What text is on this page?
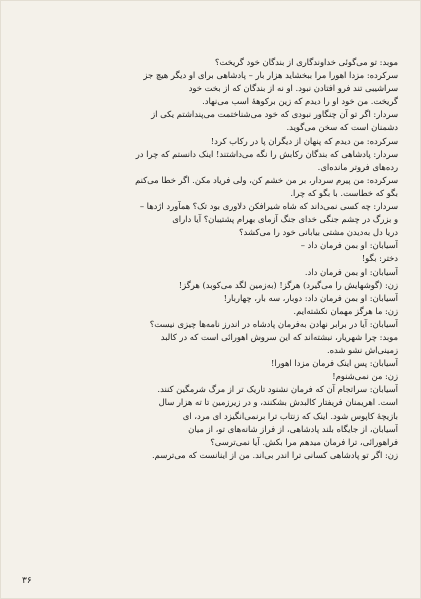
موبد: تو می‌گوئی خداوندگاری از بندگان خود گریخت؟
سرکرده: مزدا اهورا مرا ببخشاید هزار بار – پادشاهی برای او دیگر هیچ جز
سراشیبی تند فرو افتادن نبود. او نه از بندگان که از بخت خود
گریخت. من خود او را دیدم که زین برکوههٔ اسب می‌نهاد.
سردار: اگر تو آن چنگاور نبودی که خود می‌شناختمت می‌پنداشتم یکی از
دشمنان است که سخن می‌گوید.
سرکرده: من دیدم که پنهان از دیگران پا در رکاب کرد!
سردار: پادشاهی که بندگان رکابش را نگه می‌داشتند! اینک دانستم که چرا در
رده‌های فروتر مانده‌ای.
سرکرده: من پیرم سردار، بر من خشم کن، ولی فریاد مکن. اگر خطا می‌کنم
بگو که خطاست. با بگو که چرا.
سردار: چه کسی نمی‌داند که شاه شیرافکن دلاوری بود تک؟ همآورد اژدها –
و بزرگ در چشم جنگی خدای جنگ آزمای بهرام پشتیبان؟ آیا دارای
دریا دل به‌دیدن مشتی بیابانی خود را می‌کشد؟
آسیابان: او بمن فرمان داد –
دختر: بگو!
آسیابان: او بمن فرمان داد.
زن: (گوشهایش را می‌گیرد) هرگز! (به‌زمین لگد می‌کوبد) هرگز!
آسیابان: او بمن فرمان داد: دوبار، سه بار، چهاربار!
زن: ما هرگز مهمان نکشته‌ایم.
آسیابان: آیا در برابر نهادن به‌فرمان پادشاه در اندرز نامه‌ها چیزی نیست؟
موبد: چرا شهریار، نبشته‌اند که این سروش اهورائی است که در کالبد
زمینی‌اش نشو شده.
آسیابان: پس اینک فرمان مزدا اهورا!
زن: من نمی‌شنوم!
آسیابان: سراتجام آن که فرمان نشنود تاریک تر از مرگ شرمگین کنند.
است. اهریمنان فریفتار کالبدش بشکنند، و در زیرزمین تا ته هزار سال
بازیچهٔ کاپوس شود. اینک که زنتاب ترا برنمی‌انگیزد ای مرد، ای
آسیابان، از جایگاه بلند پادشاهی، از فراز شانه‌های تو، از میان
فراهورائی، ترا فرمان میدهم مرا بکش. آیا نمی‌ترسی؟
زن: اگر تو پادشاهی کسانی ترا اندر بی‌اند. من از اینانست که می‌ترسم.
۳۶
